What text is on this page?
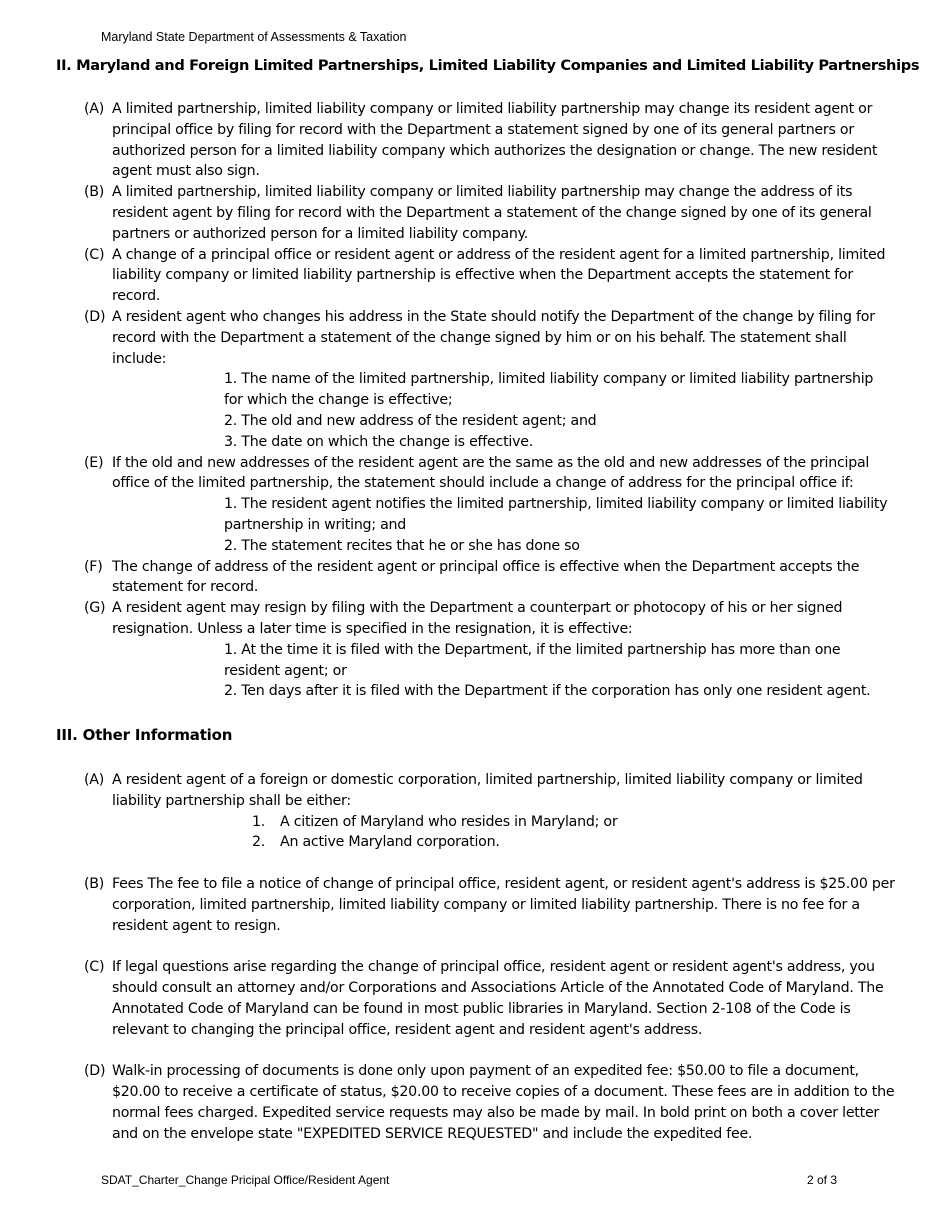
Maryland State Department of Assessments & Taxation
II. Maryland and Foreign Limited Partnerships, Limited Liability Companies and Limited Liability Partnerships
(A) A limited partnership, limited liability company or limited liability partnership may change its resident agent or principal office by filing for record with the Department a statement signed by one of its general partners or authorized person for a limited liability company which authorizes the designation or change. The new resident agent must also sign.
(B) A limited partnership, limited liability company or limited liability partnership may change the address of its resident agent by filing for record with the Department a statement of the change signed by one of its general partners or authorized person for a limited liability company.
(C) A change of a principal office or resident agent or address of the resident agent for a limited partnership, limited liability company or limited liability partnership is effective when the Department accepts the statement for record.
(D) A resident agent who changes his address in the State should notify the Department of the change by filing for record with the Department a statement of the change signed by him or on his behalf. The statement shall include:
1. The name of the limited partnership, limited liability company or limited liability partnership for which the change is effective;
2. The old and new address of the resident agent; and
3. The date on which the change is effective.
(E) If the old and new addresses of the resident agent are the same as the old and new addresses of the principal office of the limited partnership, the statement should include a change of address for the principal office if:
1. The resident agent notifies the limited partnership, limited liability company or limited liability partnership in writing; and
2. The statement recites that he or she has done so
(F) The change of address of the resident agent or principal office is effective when the Department accepts the statement for record.
(G) A resident agent may resign by filing with the Department a counterpart or photocopy of his or her signed resignation. Unless a later time is specified in the resignation, it is effective:
1. At the time it is filed with the Department, if the limited partnership has more than one resident agent; or
2. Ten days after it is filed with the Department if the corporation has only one resident agent.
III. Other Information
(A) A resident agent of a foreign or domestic corporation, limited partnership, limited liability company or limited liability partnership shall be either:
1. A citizen of Maryland who resides in Maryland; or
2. An active Maryland corporation.
(B) Fees The fee to file a notice of change of principal office, resident agent, or resident agent's address is $25.00 per corporation, limited partnership, limited liability company or limited liability partnership. There is no fee for a resident agent to resign.
(C) If legal questions arise regarding the change of principal office, resident agent or resident agent's address, you should consult an attorney and/or Corporations and Associations Article of the Annotated Code of Maryland. The Annotated Code of Maryland can be found in most public libraries in Maryland. Section 2-108 of the Code is relevant to changing the principal office, resident agent and resident agent's address.
(D) Walk-in processing of documents is done only upon payment of an expedited fee: $50.00 to file a document, $20.00 to receive a certificate of status, $20.00 to receive copies of a document. These fees are in addition to the normal fees charged. Expedited service requests may also be made by mail. In bold print on both a cover letter and on the envelope state "EXPEDITED SERVICE REQUESTED" and include the expedited fee.
SDAT_Charter_Change Pricipal Office/Resident Agent	2 of 3
